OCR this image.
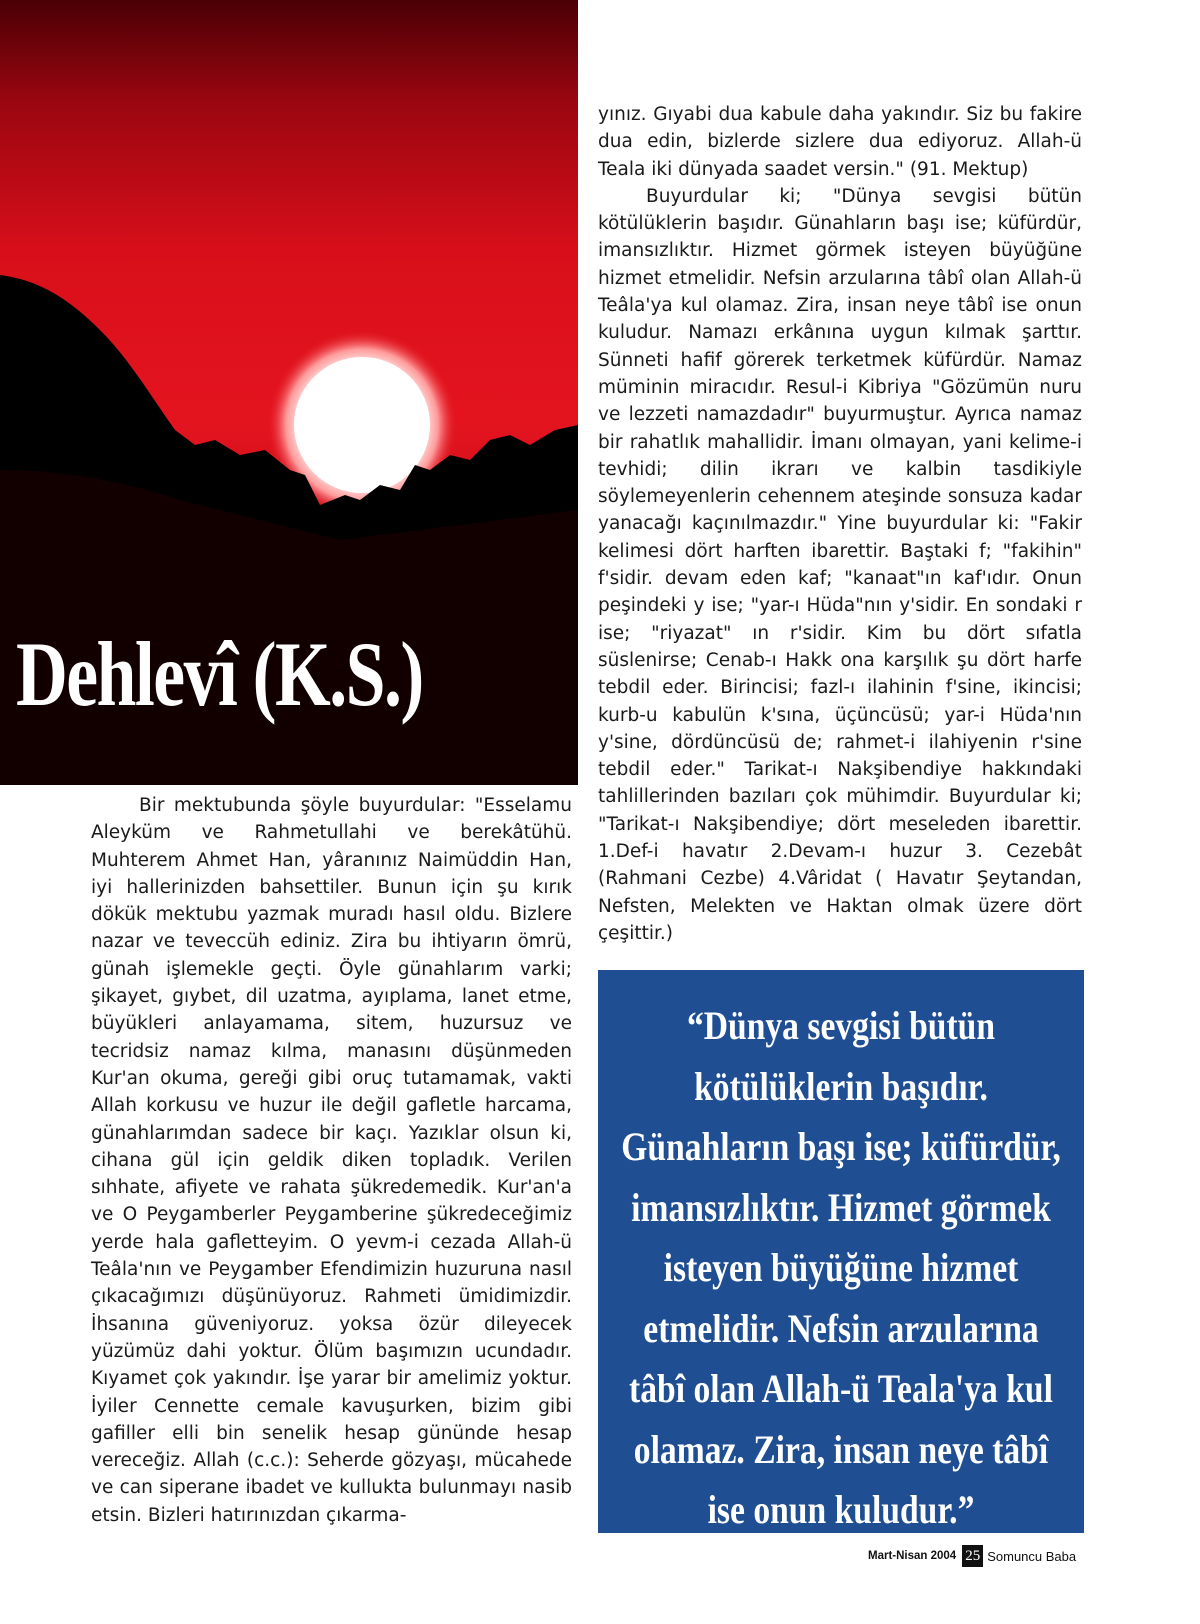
Dehlevî (K.S.)

Bir mektubunda şöyle buyurdular: "Esselamu Aleyküm ve Rahmetullahi ve berekâtühü. Muhterem Ahmet Han, yâranınız Naimüddin Han, iyi hallerinizden bahsettiler. Bunun için şu kırık dökük mektubu yazmak muradı hasıl oldu. Bizlere nazar ve teveccüh ediniz. Zira bu ihtiyarın ömrü, günah işlemekle geçti. Öyle günahlarım varki; şikayet, gıybet, dil uzatma, ayıplama, lanet etme, büyükleri anlayamama, sitem, huzursuz ve tecridsiz namaz kılma, manasını düşünmeden Kur'an okuma, gereği gibi oruç tutamamak, vakti Allah korkusu ve huzur ile değil gafletle harcama, günahlarımdan sadece bir kaçı. Yazıklar olsun ki, cihana gül için geldik diken topladık. Verilen sıhhate, afiyete ve rahata şükredemedik. Kur'an'a ve O Peygamberler Peygamberine şükredeceğimiz yerde hala gafletteyim. O yevm-i cezada Allah-ü Teâla'nın ve Peygamber Efendimizin huzuruna nasıl çıkacağımızı düşünüyoruz. Rahmeti ümidimizdir. İhsanına güveniyoruz. yoksa özür dileyecek yüzümüz dahi yoktur. Ölüm başımızın ucundadır. Kıyamet çok yakındır. İşe yarar bir amelimiz yoktur. İyiler Cennette cemale kavuşurken, bizim gibi gafiller elli bin senelik hesap gününde hesap vereceğiz. Allah (c.c.): Seherde gözyaşı, mücahede ve can siperane ibadet ve kullukta bulunmayı nasib etsin. Bizleri hatırınızdan çıkarma-

yınız. Gıyabi dua kabule daha yakındır. Siz bu fakire dua edin, bizlerde sizlere dua ediyoruz. Allah-ü Teala iki dünyada saadet versin." (91. Mektup)

Buyurdular ki; "Dünya sevgisi bütün kötülüklerin başıdır. Günahların başı ise; küfürdür, imansızlıktır. Hizmet görmek isteyen büyüğüne hizmet etmelidir. Nefsin arzularına tâbî olan Allah-ü Teâla'ya kul olamaz. Zira, insan neye tâbî ise onun kuludur. Namazı erkânına uygun kılmak şarttır. Sünneti hafif görerek terketmek küfürdür. Namaz müminin miracıdır. Resul-i Kibriya "Gözümün nuru ve lezzeti namazdadır" buyurmuştur. Ayrıca namaz bir rahatlık mahallidir. İmanı olmayan, yani kelime-i tevhidi; dilin ikrarı ve kalbin tasdikiyle söylemeyenlerin cehennem ateşinde sonsuza kadar yanacağı kaçınılmazdır." Yine buyurdular ki: "Fakir kelimesi dört harften ibarettir. Baştaki f; "fakihin" f'sidir. devam eden kaf; "kanaat"ın kaf'ıdır. Onun peşindeki y ise; "yar-ı Hüda"nın y'sidir. En sondaki r ise; "riyazat" ın r'sidir. Kim bu dört sıfatla süslenirse; Cenab-ı Hakk ona karşılık şu dört harfe tebdil eder. Birincisi; fazl-ı ilahinin f'sine, ikincisi; kurb-u kabulün k'sına, üçüncüsü; yar-i Hüda'nın y'sine, dördüncüsü de; rahmet-i ilahiyenin r'sine tebdil eder." Tarikat-ı Nakşibendiye hakkındaki tahlillerinden bazıları çok mühimdir. Buyurdular ki; "Tarikat-ı Nakşibendiye; dört meseleden ibarettir. 1.Def-i havatır 2.Devam-ı huzur 3. Cezebât (Rahmani Cezbe) 4.Vâridat ( Havatır Şeytandan, Nefsten, Melekten ve Haktan olmak üzere dört çeşittir.)

“Dünya sevgisi bütün kötülüklerin başıdır. Günahların başı ise; küfürdür, imansızlıktır. Hizmet görmek isteyen büyüğüne hizmet etmelidir. Nefsin arzularına tâbî olan Allah-ü Teala'ya kul olamaz. Zira, insan neye tâbî ise onun kuludur.”
Mart-Nisan 2004 25 Somuncu Baba
